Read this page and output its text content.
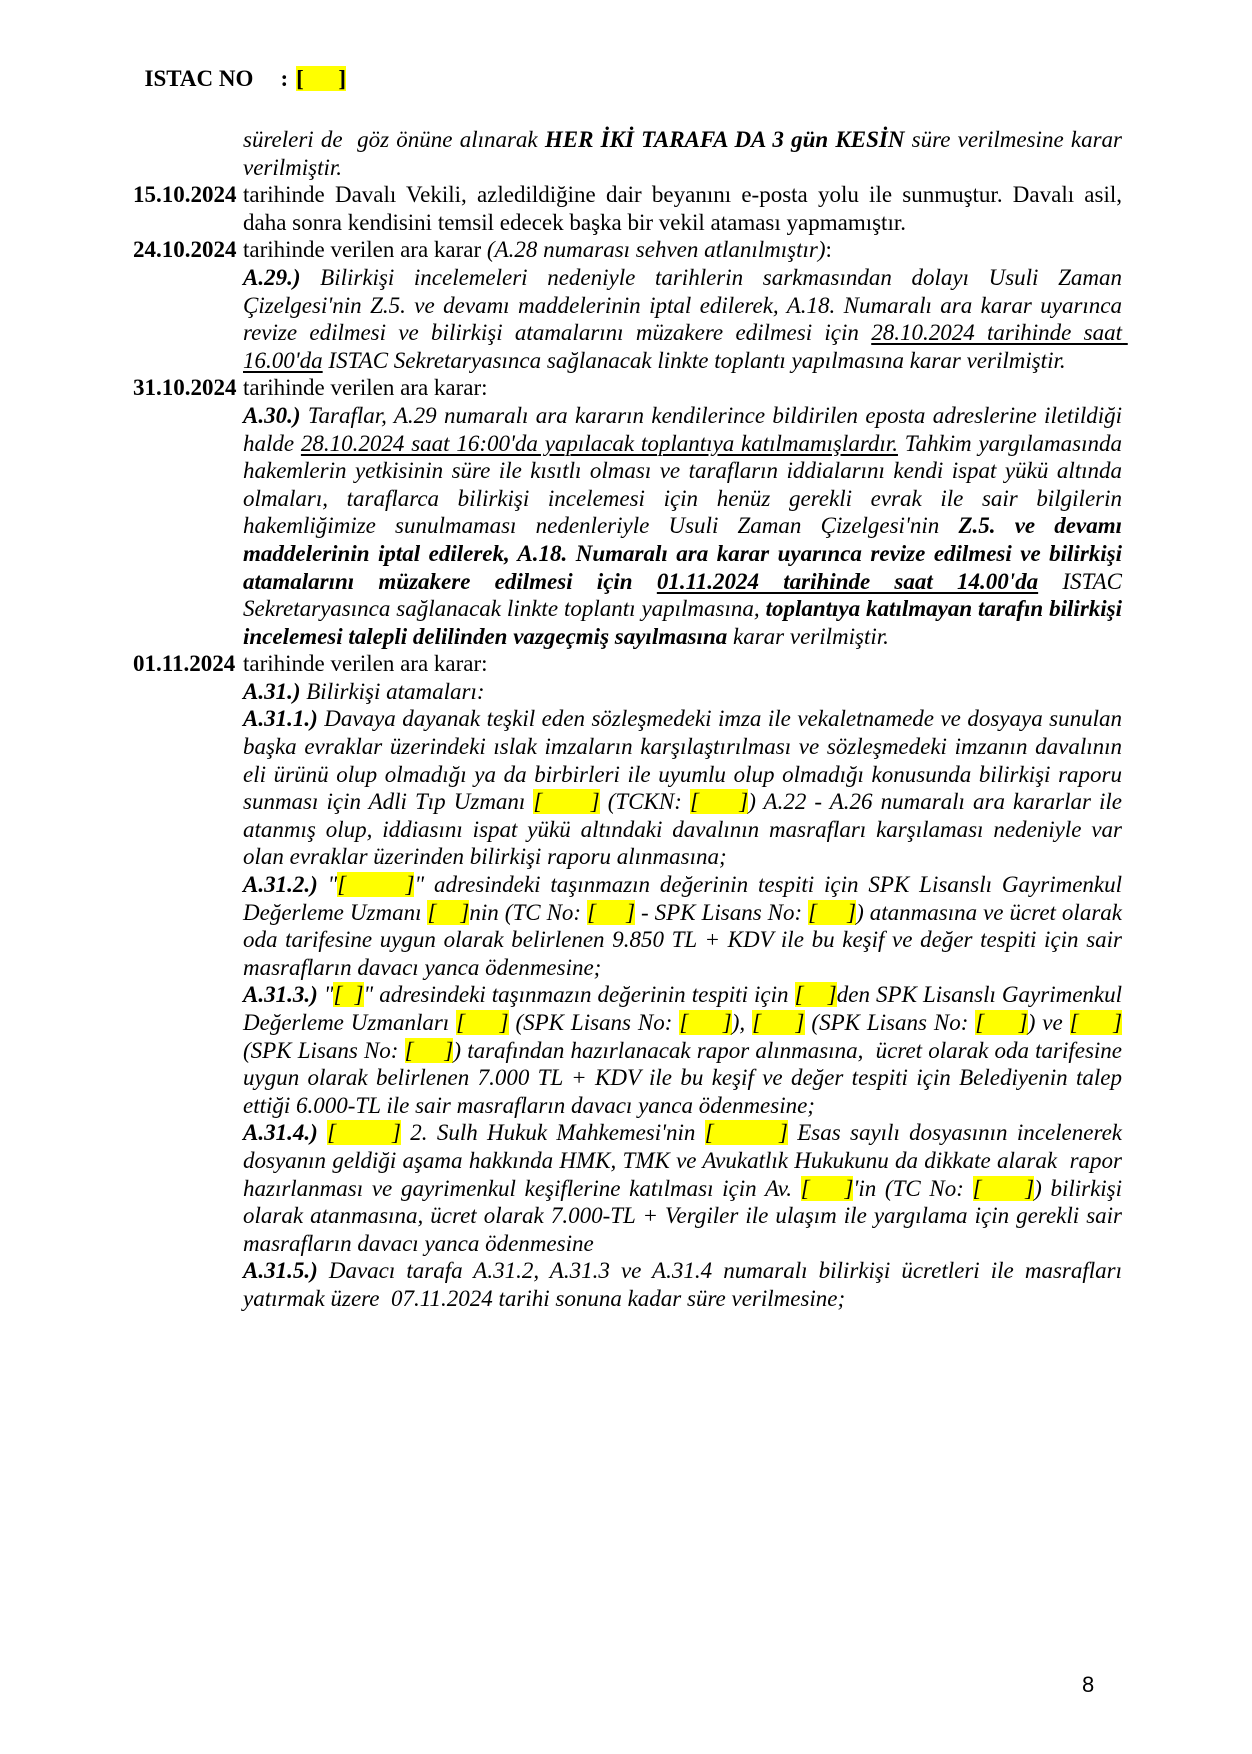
ISTAC NO : [      ]

süreleri de  göz önüne alınarak HER İKİ TARAFA DA 3 gün KESİN süre verilmesine karar verilmiştir.
15.10.2024 tarihinde Davalı Vekili, azledildiğine dair beyanını e-posta yolu ile sunmuştur. Davalı asil, daha sonra kendisini temsil edecek başka bir vekil ataması yapmamıştır.
24.10.2024 tarihinde verilen ara karar (A.28 numarası sehven atlanılmıştır):
A.29.) Bilirkişi incelemeleri nedeniyle tarihlerin sarkmasından dolayı Usuli Zaman Çizelgesi'nin Z.5. ve devamı maddelerinin iptal edilerek, A.18. Numaralı ara karar uyarınca revize edilmesi ve bilirkişi atamalarını müzakere edilmesi için 28.10.2024 tarihinde saat 16.00'da ISTAC Sekretaryasınca sağlanacak linkte toplantı yapılmasına karar verilmiştir.
31.10.2024 tarihinde verilen ara karar:
A.30.) Taraflar, A.29 numaralı ara kararın kendilerince bildirilen eposta adreslerine iletildiği halde 28.10.2024 saat 16:00'da yapılacak toplantıya katılmamışlardır. Tahkim yargılamasında hakemlerin yetkisinin süre ile kısıtlı olması ve tarafların iddialarını kendi ispat yükü altında olmaları, taraflarca bilirkişi incelemesi için henüz gerekli evrak ile sair bilgilerin hakemliğimize sunulmaması nedenleriyle Usuli Zaman Çizelgesi'nin Z.5. ve devamı maddelerinin iptal edilerek, A.18. Numaralı ara karar uyarınca revize edilmesi ve bilirkişi atamalarını müzakere edilmesi için 01.11.2024 tarihinde saat 14.00'da ISTAC Sekretaryasınca sağlanacak linkte toplantı yapılmasına, toplantıya katılmayan tarafın bilirkişi incelemesi talepli delilinden vazgeçmiş sayılmasına karar verilmiştir.
01.11.2024 tarihinde verilen ara karar:
A.31.) Bilirkişi atamaları:
A.31.1.) Davaya dayanak teşkil eden sözleşmedeki imza ile vekaletnamede ve dosyaya sunulan başka evraklar üzerindeki ıslak imzaların karşılaştırılması ve sözleşmedeki imzanın davalının eli ürünü olup olmadığı ya da birbirleri ile uyumlu olup olmadığı konusunda bilirkişi raporu sunması için Adli Tıp Uzmanı [      ] (TCKN: [     ]) A.22 - A.26 numaralı ara kararlar ile atanmış olup, iddiasını ispat yükü altındaki davalının masrafları karşılaması nedeniyle var olan evraklar üzerinden bilirkişi raporu alınmasına;
A.31.2.) "[      ]" adresindeki taşınmazın değerinin tespiti için SPK Lisanslı Gayrimenkul Değerleme Uzmanı [    ]nin (TC No: [     ] - SPK Lisans No: [     ]) atanmasına ve ücret olarak oda tarifesine uygun olarak belirlenen 9.850 TL + KDV ile bu keşif ve değer tespiti için sair masrafların davacı yanca ödenmesine;
A.31.3.) "[  ]" adresindeki taşınmazın değerinin tespiti için [    ]den SPK Lisanslı Gayrimenkul Değerleme Uzmanları [     ] (SPK Lisans No: [     ]), [     ] (SPK Lisans No: [     ]) ve [     ] (SPK Lisans No: [     ]) tarafından hazırlanacak rapor alınmasına,  ücret olarak oda tarifesine uygun olarak belirlenen 7.000 TL + KDV ile bu keşif ve değer tespiti için Belediyenin talep ettiği 6.000-TL ile sair masrafların davacı yanca ödenmesine;
A.31.4.) [      ] 2. Sulh Hukuk Mahkemesi'nin [       ] Esas sayılı dosyasının incelenerek dosyanın geldiği aşama hakkında HMK, TMK ve Avukatlık Hukukunu da dikkate alarak  rapor hazırlanması ve gayrimenkul keşiflerine katılması için Av. [    ]'in (TC No: [     ]) bilirkişi olarak atanmasına, ücret olarak 7.000-TL + Vergiler ile ulaşım ile yargılama için gerekli sair masrafların davacı yanca ödenmesine
A.31.5.) Davacı tarafa A.31.2, A.31.3 ve A.31.4 numaralı bilirkişi ücretleri ile masrafları yatırmak üzere  07.11.2024 tarihi sonuna kadar süre verilmesine;
8
